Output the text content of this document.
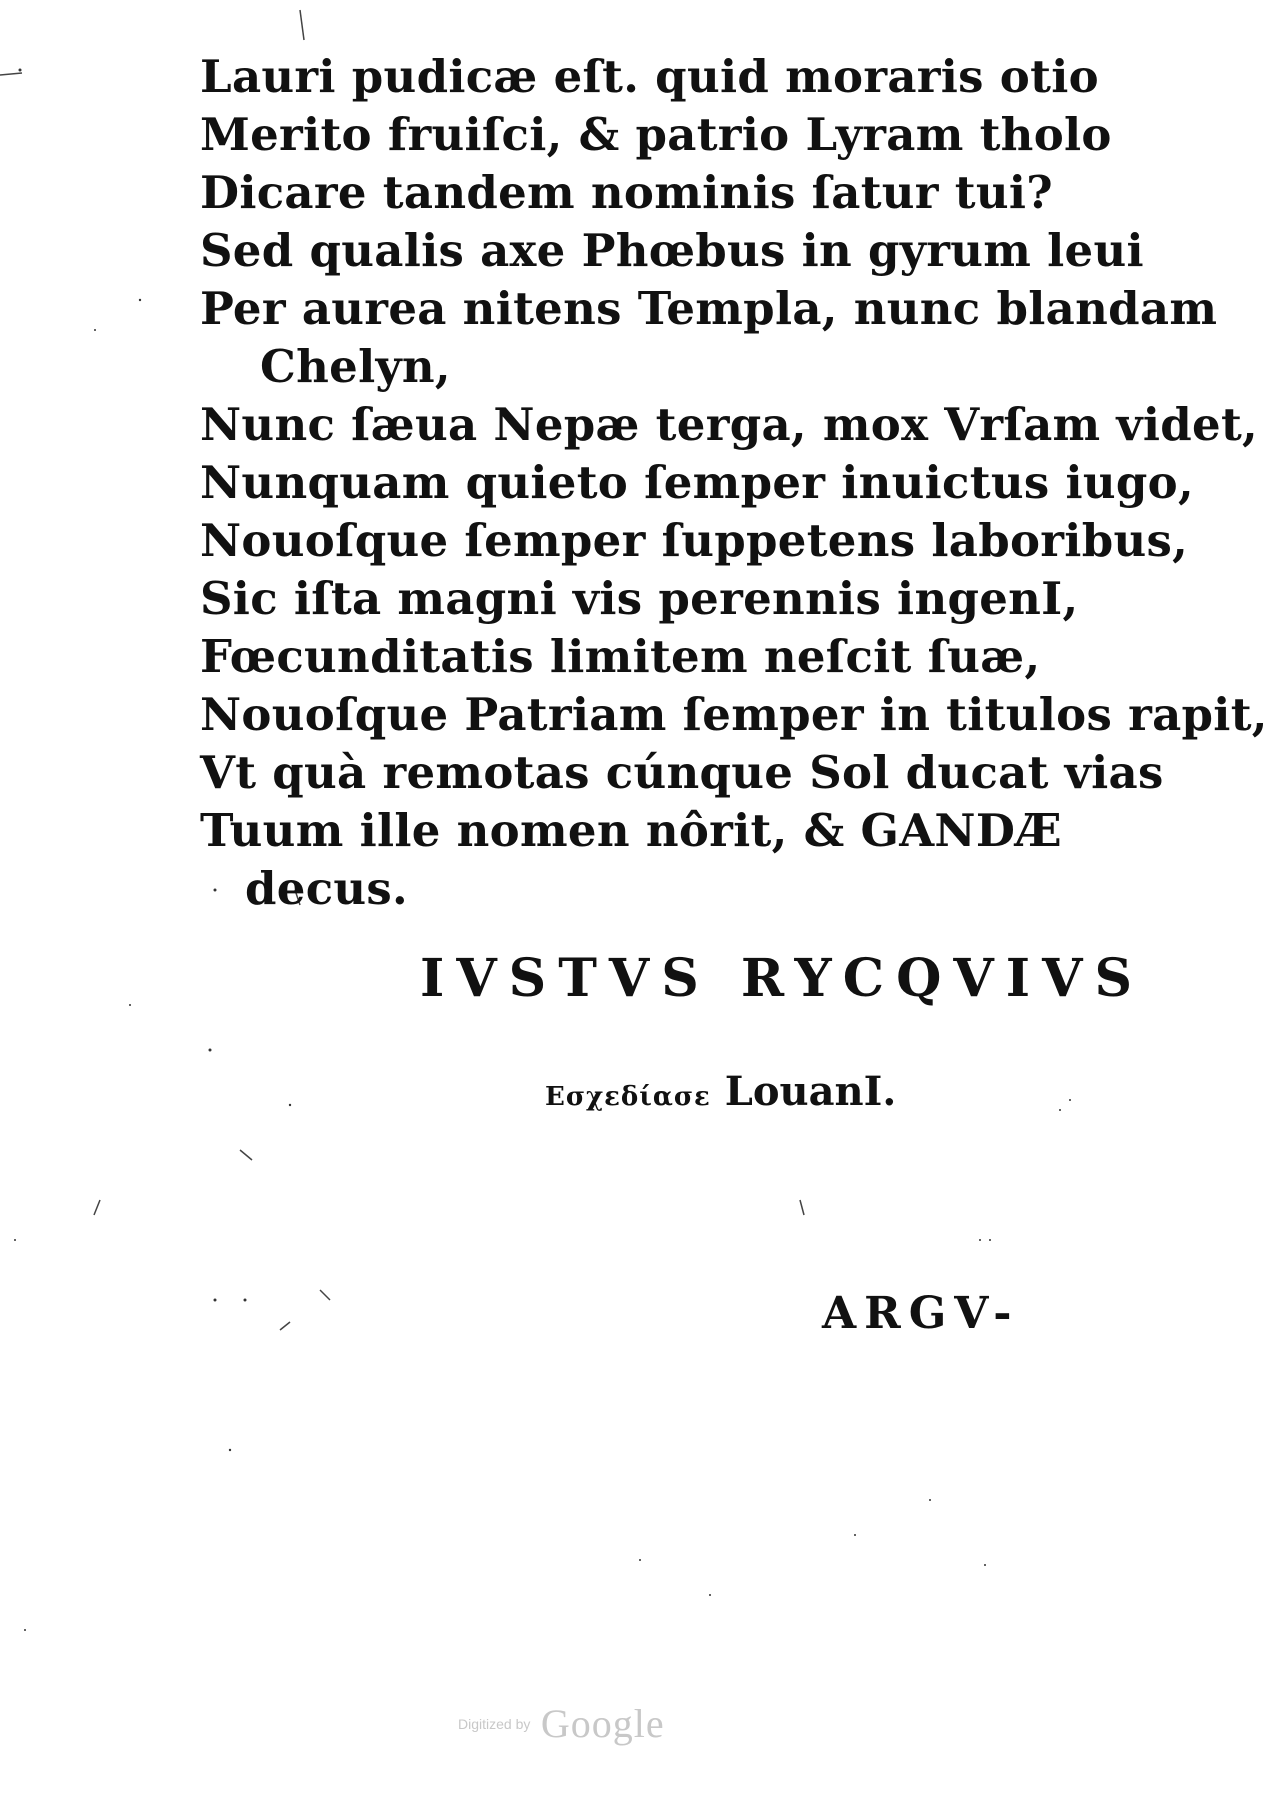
Lauri pudicæ eſt. quid moraris otio
Merito fruiſci, & patrio Lyram tholo
Dicare tandem nominis ſatur tui?
Sed qualis axe Phœbus in gyrum leui
Per aurea nitens Templa, nunc blandam
Chelyn,
Nunc ſæua Nepæ terga, mox Vrſam videt,
Nunquam quieto ſemper inuictus iugo,
Nouoſque ſemper ſuppetens laboribus,
Sic iſta magni vis perennis ingenI,
Fœcunditatis limitem neſcit ſuæ,
Nouoſque Patriam ſemper in titulos rapit,
Vt quà remotas cúnque Sol ducat vias
Tuum ille nomen nôrit, & GANDÆ
decus.
IVSTVS RYCQVIVS
Εσχεδίασε LouanI.
ARGV-
Digitized by Google
